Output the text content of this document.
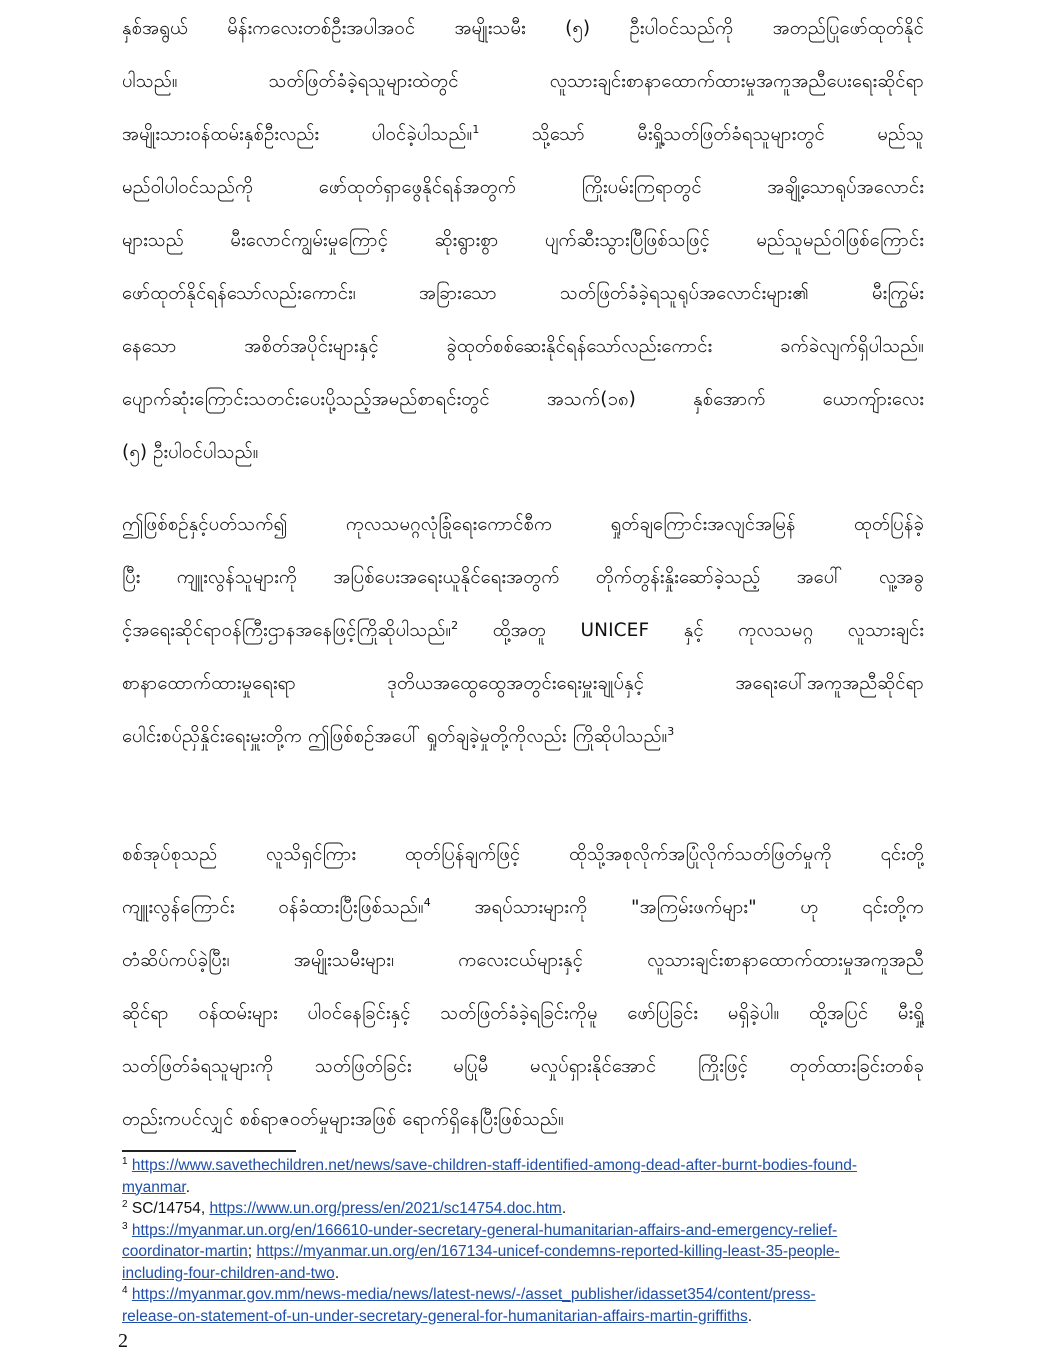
နှစ်အရွယ် မိန်းကလေးတစ်ဦးအပါအဝင် အမျိုးသမီး (၅) ဦးပါဝင်သည်ကို အတည်ပြုဖော်ထုတ်နိုင်
ပါသည်။ သတ်ဖြတ်ခံခဲ့ရသူများထဲတွင် လူသားချင်းစာနာထောက်ထားမှုအကူအညီပေးရေးဆိုင်ရာ
အမျိုးသားဝန်ထမ်းနှစ်ဦးလည်း ပါဝင်ခဲ့ပါသည်။$^1$ သို့သော် မီးရှို့သတ်ဖြတ်ခံရသူများတွင် မည်သူ
မည်ဝါပါဝင်သည်ကို ဖော်ထုတ်ရှာဖွေနိုင်ရန်အတွက် ကြိုးပမ်းကြရာတွင် အချို့သောရုပ်အလောင်း
များသည် မီးလောင်ကျွမ်းမှုကြောင့် ဆိုးရွားစွာ ပျက်ဆီးသွားပြီဖြစ်သဖြင့် မည်သူမည်ဝါဖြစ်ကြောင်း
ဖော်ထုတ်နိုင်ရန်သော်လည်းကောင်း၊ အခြားသော သတ်ဖြတ်ခံခဲ့ရသူရုပ်အလောင်းများ၏ မီးကြွမ်း
နေသော အစိတ်အပိုင်းများနှင့် ခွဲထုတ်စစ်ဆေးနိုင်ရန်သော်လည်းကောင်း ခက်ခဲလျက်ရှိပါသည်။
ပျောက်ဆုံးကြောင်းသတင်းပေးပို့သည့်အမည်စာရင်းတွင် အသက်(၁၈) နှစ်အောက် ယောကျ်ားလေး
(၅) ဦးပါဝင်ပါသည်။
ဤဖြစ်စဉ်နှင့်ပတ်သက်၍ ကုလသမဂ္ဂလုံခြုံရေးကောင်စီက ရှုတ်ချကြောင်းအလျင်အမြန် ထုတ်ပြန်ခဲ့
ပြီး ကျူးလွန်သူများကို အပြစ်ပေးအရေးယူနိုင်ရေးအတွက် တိုက်တွန်းနှိုးဆော်ခဲ့သည့် အပေါ် လူ့အခွ
င့်အရေးဆိုင်ရာဝန်ကြီးဌာနအနေဖြင့်ကြိုဆိုပါသည်။$^2$ ထို့အတူ UNICEF နှင့် ကုလသမဂ္ဂ လူသားချင်း
စာနာထောက်ထားမှုရေးရာ ဒုတိယအထွေထွေအတွင်းရေးမှူးချုပ်နှင့် အရေးပေါ်အကူအညီဆိုင်ရာ
ပေါင်းစပ်ညှိနှိုင်းရေးမှူးတို့က ဤဖြစ်စဉ်အပေါ် ရှုတ်ချခဲ့မှုတို့ကိုလည်း ကြိုဆိုပါသည်။$^3$
စစ်အုပ်စုသည် လူသိရှင်ကြား ထုတ်ပြန်ချက်ဖြင့် ထိုသို့အစုလိုက်အပြုံလိုက်သတ်ဖြတ်မှုကို ၎င်းတို့
ကျူးလွန်ကြောင်း ဝန်ခံထားပြီးဖြစ်သည်။$^4$ အရပ်သားများကို "အကြမ်းဖက်များ" ဟု ၎င်းတို့က
တံဆိပ်ကပ်ခဲ့ပြီး၊ အမျိုးသမီးများ၊ ကလေးငယ်များနှင့် လူသားချင်းစာနာထောက်ထားမှုအကူအညီ
ဆိုင်ရာ ဝန်ထမ်းများ ပါဝင်နေခြင်းနှင့် သတ်ဖြတ်ခံခဲ့ရခြင်းကိုမူ ဖော်ပြခြင်း မရှိခဲ့ပါ။ ထို့အပြင် မီးရှို့
သတ်ဖြတ်ခံရသူများကို သတ်ဖြတ်ခြင်း မပြုမီ မလှုပ်ရှားနိုင်အောင် ကြိုးဖြင့် တုတ်ထားခြင်းတစ်ခု
တည်းကပင်လျှင် စစ်ရာဇဝတ်မှုများအဖြစ် ရောက်ရှိနေပြီးဖြစ်သည်။
$^1$ https://www.savethechildren.net/news/save-children-staff-identified-among-dead-after-burnt-bodies-found-
myanmar.
$^2$ SC/14754, https://www.un.org/press/en/2021/sc14754.doc.htm.
$^3$ https://myanmar.un.org/en/166610-under-secretary-general-humanitarian-affairs-and-emergency-relief-
coordinator-martin; https://myanmar.un.org/en/167134-unicef-condemns-reported-killing-least-35-people-
including-four-children-and-two.
$^4$ https://myanmar.gov.mm/news-media/news/latest-news/-/asset_publisher/idasset354/content/press-
release-on-statement-of-un-under-secretary-general-for-humanitarian-affairs-martin-griffiths.
2
